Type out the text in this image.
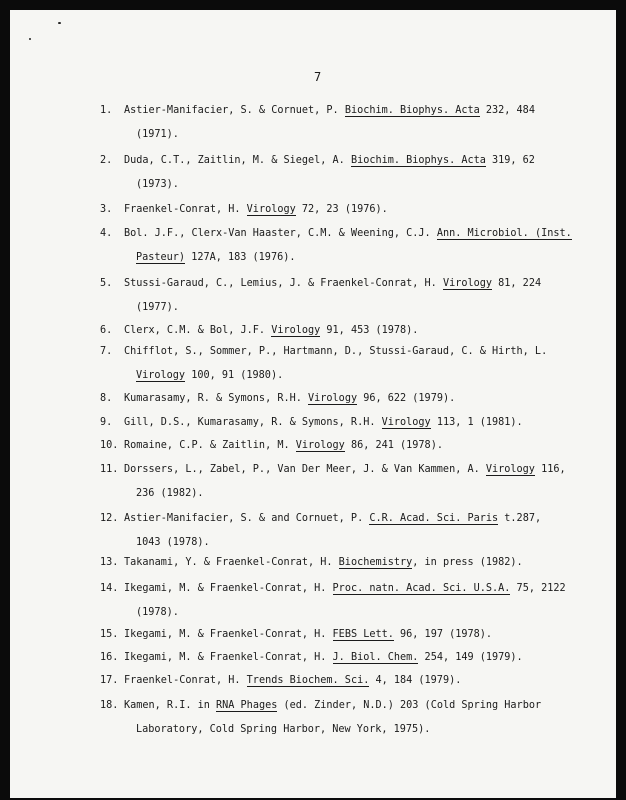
7
1. Astier-Manifacier, S. & Cornuet, P. Biochim. Biophys. Acta 232, 484
(1971).
2. Duda, C.T., Zaitlin, M. & Siegel, A. Biochim. Biophys. Acta 319, 62
(1973).
3. Fraenkel-Conrat, H. Virology 72, 23 (1976).
4. Bol. J.F., Clerx-Van Haaster, C.M. & Weening, C.J. Ann. Microbiol. (Inst.
Pasteur) 127A, 183 (1976).
5. Stussi-Garaud, C., Lemius, J. & Fraenkel-Conrat, H. Virology 81, 224
(1977).
6. Clerx, C.M. & Bol, J.F. Virology 91, 453 (1978).
7. Chifflot, S., Sommer, P., Hartmann, D., Stussi-Garaud, C. & Hirth, L.
Virology 100, 91 (1980).
8. Kumarasamy, R. & Symons, R.H. Virology 96, 622 (1979).
9. Gill, D.S., Kumarasamy, R. & Symons, R.H. Virology 113, 1 (1981).
10. Romaine, C.P. & Zaitlin, M. Virology 86, 241 (1978).
11. Dorssers, L., Zabel, P., Van Der Meer, J. & Van Kammen, A. Virology 116,
236 (1982).
12. Astier-Manifacier, S. & and Cornuet, P. C.R. Acad. Sci. Paris t.287,
1043 (1978).
13. Takanami, Y. & Fraenkel-Conrat, H. Biochemistry, in press (1982).
14. Ikegami, M. & Fraenkel-Conrat, H. Proc. natn. Acad. Sci. U.S.A. 75, 2122
(1978).
15. Ikegami, M. & Fraenkel-Conrat, H. FEBS Lett. 96, 197 (1978).
16. Ikegami, M. & Fraenkel-Conrat, H. J. Biol. Chem. 254, 149 (1979).
17. Fraenkel-Conrat, H. Trends Biochem. Sci. 4, 184 (1979).
18. Kamen, R.I. in RNA Phages (ed. Zinder, N.D.) 203 (Cold Spring Harbor
Laboratory, Cold Spring Harbor, New York, 1975).
